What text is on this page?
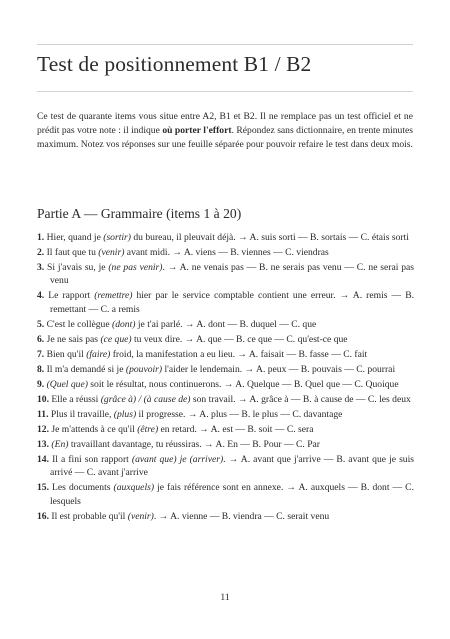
Test de positionnement B1 / B2

Ce test de quarante items vous situe entre A2, B1 et B2. Il ne remplace pas un test officiel et ne prédit pas votre note : il indique où porter l'effort. Répondez sans dictionnaire, en trente minutes maximum. Notez vos réponses sur une feuille séparée pour pouvoir refaire le test dans deux mois.

Partie A — Grammaire (items 1 à 20)
1. Hier, quand je (sortir) du bureau, il pleuvait déjà. → A. suis sorti — B. sortais — C. étais sorti
2. Il faut que tu (venir) avant midi. → A. viens — B. viennes — C. viendras
3. Si j'avais su, je (ne pas venir). → A. ne venais pas — B. ne serais pas venu — C. ne serai pas venu
4. Le rapport (remettre) hier par le service comptable contient une erreur. → A. remis — B. remettant — C. a remis
5. C'est le collègue (dont) je t'ai parlé. → A. dont — B. duquel — C. que
6. Je ne sais pas (ce que) tu veux dire. → A. que — B. ce que — C. qu'est-ce que
7. Bien qu'il (faire) froid, la manifestation a eu lieu. → A. faisait — B. fasse — C. fait
8. Il m'a demandé si je (pouvoir) l'aider le lendemain. → A. peux — B. pouvais — C. pourrai
9. (Quel que) soit le résultat, nous continuerons. → A. Quelque — B. Quel que — C. Quoique
10. Elle a réussi (grâce à) / (à cause de) son travail. → A. grâce à — B. à cause de — C. les deux
11. Plus il travaille, (plus) il progresse. → A. plus — B. le plus — C. davantage
12. Je m'attends à ce qu'il (être) en retard. → A. est — B. soit — C. sera
13. (En) travaillant davantage, tu réussiras. → A. En — B. Pour — C. Par
14. Il a fini son rapport (avant que) je (arriver). → A. avant que j'arrive — B. avant que je suis arrivé — C. avant j'arrive
15. Les documents (auxquels) je fais référence sont en annexe. → A. auxquels — B. dont — C. lesquels
16. Il est probable qu'il (venir). → A. vienne — B. viendra — C. serait venu
11
